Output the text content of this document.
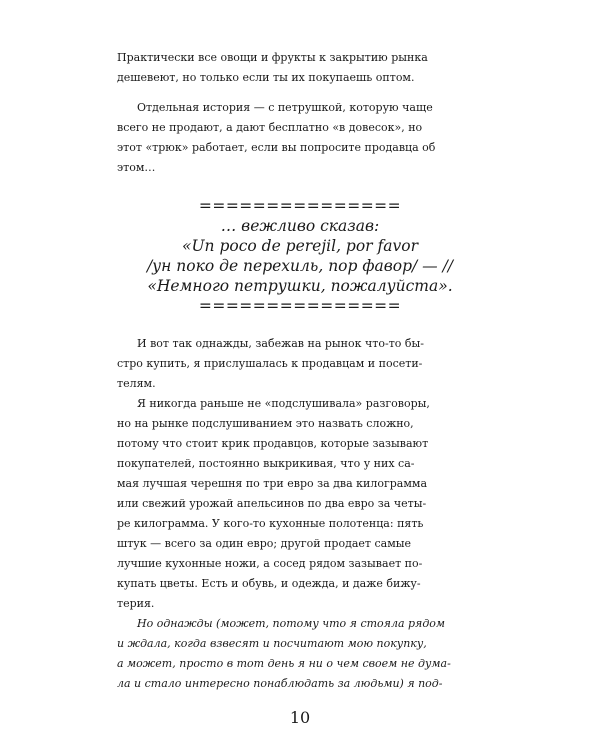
Практически все овощи и фрукты к закрытию рынка
дешевеют, но только если ты их покупаешь оптом.
Отдельная история — с петрушкой, которую чаще
всего не продают, а дают бесплатно «в довесок», но
этот «трюк» работает, если вы попросите продавца об
этом…
===============
… вежливо сказав:
«Un poco de perejil, por favor
/ун поко де перехиль, пор фавор/ — //
«Немного петрушки, пожалуйста».
===============
И вот так однажды, забежав на рынок что-то бы-
стро купить, я прислушалась к продавцам и посети-
телям.
Я никогда раньше не «подслушивала» разговоры,
но на рынке подслушиванием это назвать сложно,
потому что стоит крик продавцов, которые зазывают
покупателей, постоянно выкрикивая, что у них са-
мая лучшая черешня по три евро за два килограмма
или свежий урожай апельсинов по два евро за четы-
ре килограмма. У кого-то кухонные полотенца: пять
штук — всего за один евро; другой продает самые
лучшие кухонные ножи, а сосед рядом зазывает по-
купать цветы. Есть и обувь, и одежда, и даже бижу-
терия.
Но однажды (может, потому что я стояла рядом
и ждала, когда взвесят и посчитают мою покупку,
а может, просто в тот день я ни о чем своем не дума-
ла и стало интересно понаблюдать за людьми) я под-
10
